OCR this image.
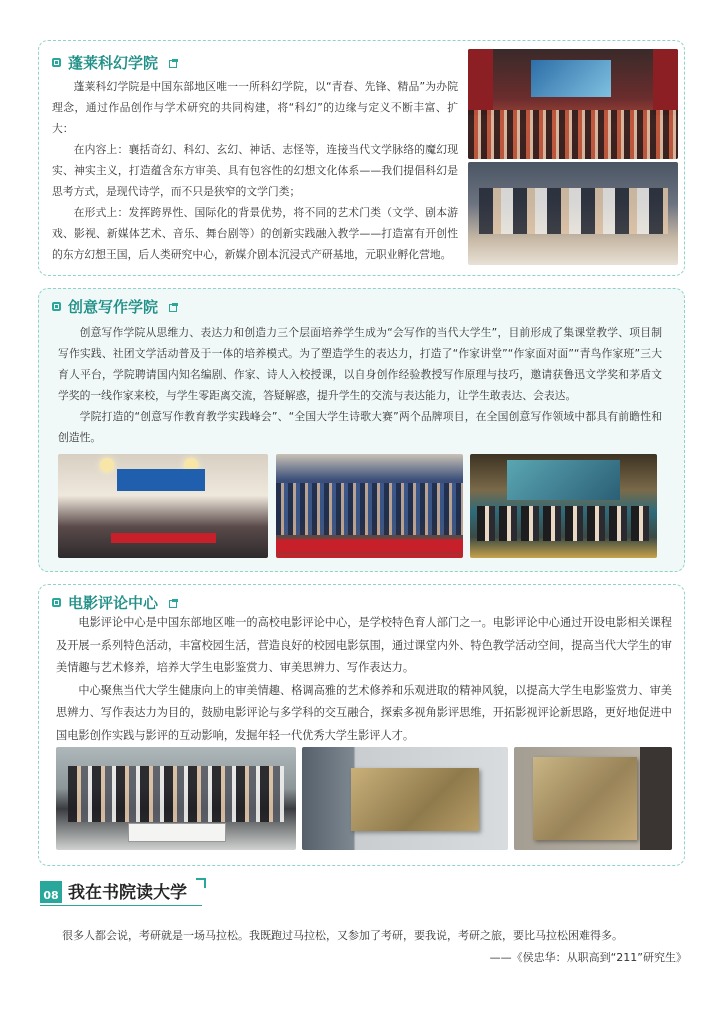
蓬莱科幻学院

蓬莱科幻学院是中国东部地区唯一一所科幻学院，以“青春、先锋、精品”为办院理念，通过作品创作与学术研究的共同构建，将“科幻”的边缘与定义不断丰富、扩大：

在内容上：襄括奇幻、科幻、玄幻、神话、志怪等，连接当代文学脉络的魔幻现实、神实主义，打造蕴含东方审美、具有包容性的幻想文化体系——我们提倡科幻是思考方式，是现代诗学，而不只是狭窄的文学门类；

在形式上：发挥跨界性、国际化的背景优势，将不同的艺术门类（文学、剧本游戏、影视、新媒体艺术、音乐、舞台剧等）的创新实践融入教学——打造富有开创性的东方幻想王国，后人类研究中心，新媒介剧本沉浸式产研基地，元职业孵化营地。

创意写作学院

创意写作学院从思维力、表达力和创造力三个层面培养学生成为“会写作的当代大学生”，目前形成了集课堂教学、项目制写作实践、社团文学活动普及于一体的培养模式。为了塑造学生的表达力，打造了“作家讲堂”“作家面对面”“青鸟作家班”三大育人平台，学院聘请国内知名编剧、作家、诗人入校授课，以自身创作经验教授写作原理与技巧，邀请获鲁迅文学奖和茅盾文学奖的一线作家来校，与学生零距离交流，答疑解惑，提升学生的交流与表达能力，让学生敢表达、会表达。

学院打造的“创意写作教育教学实践峰会”、“全国大学生诗歌大赛”两个品牌项目，在全国创意写作领域中都具有前瞻性和创造性。

电影评论中心

电影评论中心是中国东部地区唯一的高校电影评论中心，是学校特色育人部门之一。电影评论中心通过开设电影相关课程及开展一系列特色活动，丰富校园生活，营造良好的校园电影氛围，通过课堂内外、特色教学活动空间，提高当代大学生的审美情趣与艺术修养，培养大学生电影鉴赏力、审美思辨力、写作表达力。

中心聚焦当代大学生健康向上的审美情趣、格调高雅的艺术修养和乐观进取的精神风貌，以提高大学生电影鉴赏力、审美思辨力、写作表达力为目的，鼓励电影评论与多学科的交互融合，探索多视角影评思维，开拓影视评论新思路，更好地促进中国电影创作实践与影评的互动影响，发掘年轻一代优秀大学生影评人才。

08 我在书院读大学
很多人都会说，考研就是一场马拉松。我既跑过马拉松，又参加了考研，要我说，考研之旅，要比马拉松困难得多。
——《侯忠华：从职高到“211”研究生》
